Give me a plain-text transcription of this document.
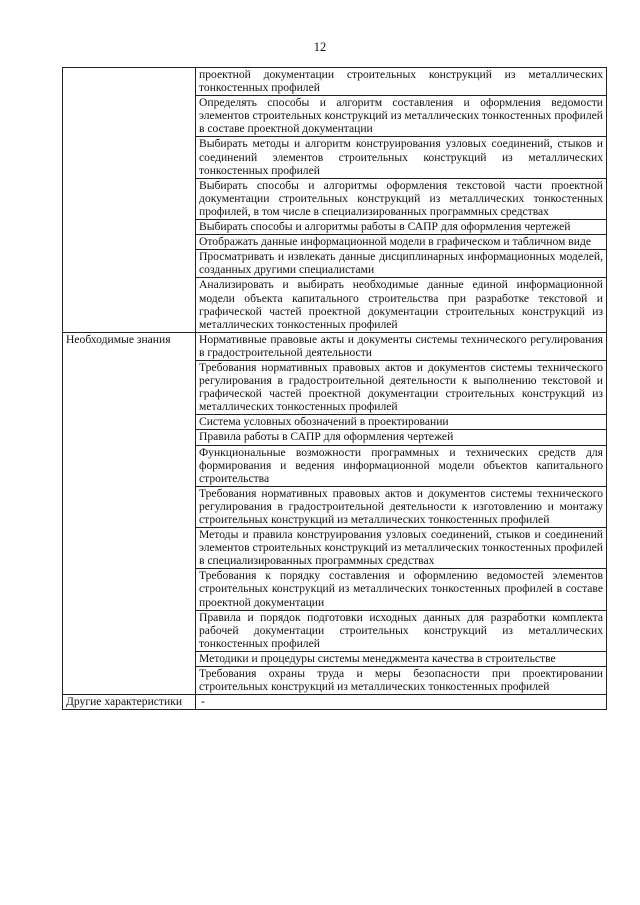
12
	проектной документации строительных конструкций из металлических тонкостенных профилей
	Определять способы и алгоритм составления и оформления ведомости элементов строительных конструкций из металлических тонкостенных профилей в составе проектной документации
	Выбирать методы и алгоритм конструирования узловых соединений, стыков и соединений элементов строительных конструкций из металлических тонкостенных профилей
	Выбирать способы и алгоритмы оформления текстовой части проектной документации строительных конструкций из металлических тонкостенных профилей, в том числе в специализированных программных средствах
	Выбирать способы и алгоритмы работы в САПР для оформления чертежей
	Отображать данные информационной модели в графическом и табличном виде
	Просматривать и извлекать данные дисциплинарных информационных моделей, созданных другими специалистами
	Анализировать и выбирать необходимые данные единой информационной модели объекта капитального строительства при разработке текстовой и графической частей проектной документации строительных конструкций из металлических тонкостенных профилей
Необходимые знания	Нормативные правовые акты и документы системы технического регулирования в градостроительной деятельности
	Требования нормативных правовых актов и документов системы технического регулирования в градостроительной деятельности к выполнению текстовой и графической частей проектной документации строительных конструкций из металлических тонкостенных профилей
	Система условных обозначений в проектировании
	Правила работы в САПР для оформления чертежей
	Функциональные возможности программных и технических средств для формирования и ведения информационной модели объектов капитального строительства
	Требования нормативных правовых актов и документов системы технического регулирования в градостроительной деятельности к изготовлению и монтажу строительных конструкций из металлических тонкостенных профилей
	Методы и правила конструирования узловых соединений, стыков и соединений элементов строительных конструкций из металлических тонкостенных профилей в специализированных программных средствах
	Требования к порядку составления и оформлению ведомостей элементов строительных конструкций из металлических тонкостенных профилей в составе проектной документации
	Правила и порядок подготовки исходных данных для разработки комплекта рабочей документации строительных конструкций из металлических тонкостенных профилей
	Методики и процедуры системы менеджмента качества в строительстве
	Требования охраны труда и меры безопасности при проектировании строительных конструкций из металлических тонкостенных профилей
Другие характеристики	-
